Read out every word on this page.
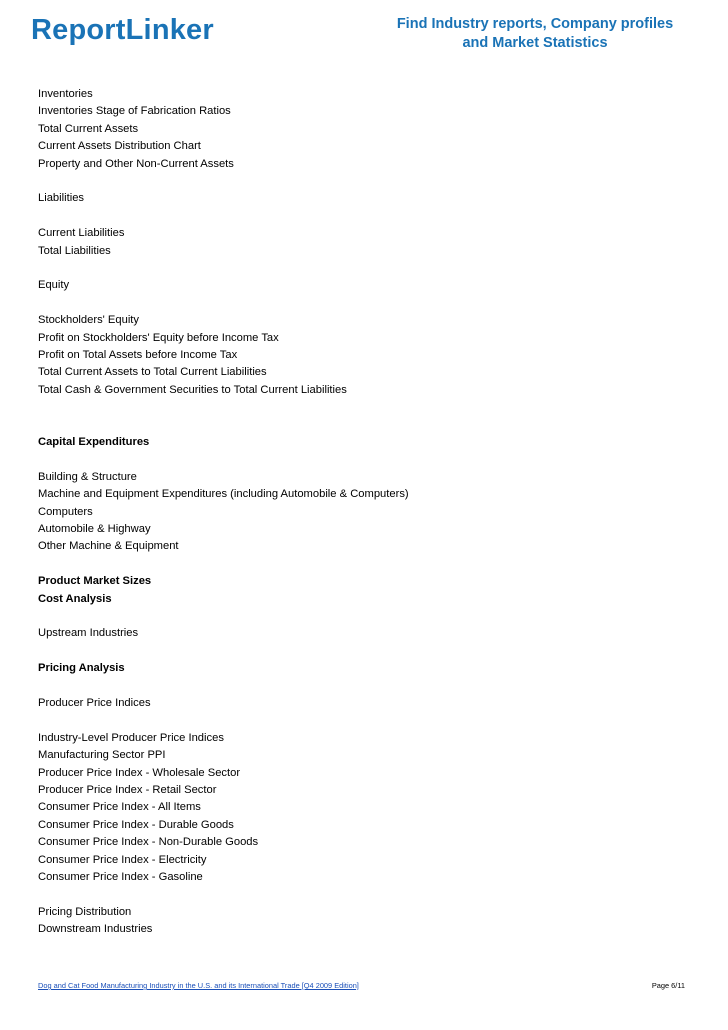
ReportLinker	Find Industry reports, Company profiles
and Market Statistics
Inventories
Inventories Stage of Fabrication Ratios
Total Current Assets
Current Assets Distribution Chart
Property and Other Non-Current Assets
Liabilities
Current Liabilities
Total Liabilities
Equity
Stockholders' Equity
Profit on Stockholders' Equity before Income Tax
Profit on Total Assets before Income Tax
Total Current Assets to Total Current Liabilities
Total Cash & Government Securities to Total Current Liabilities
Capital Expenditures
Building & Structure
Machine and Equipment Expenditures (including Automobile & Computers)
Computers
Automobile & Highway
Other Machine & Equipment
Product Market Sizes
Cost Analysis
Upstream Industries
Pricing Analysis
Producer Price Indices
Industry-Level Producer Price Indices
Manufacturing Sector PPI
Producer Price Index - Wholesale Sector
Producer Price Index - Retail Sector
Consumer Price Index - All Items
Consumer Price Index - Durable Goods
Consumer Price Index - Non-Durable Goods
Consumer Price Index - Electricity
Consumer Price Index - Gasoline
Pricing Distribution
Downstream Industries
Dog and Cat Food Manufacturing Industry in the U.S. and its International Trade [Q4 2009 Edition]	Page 6/11
